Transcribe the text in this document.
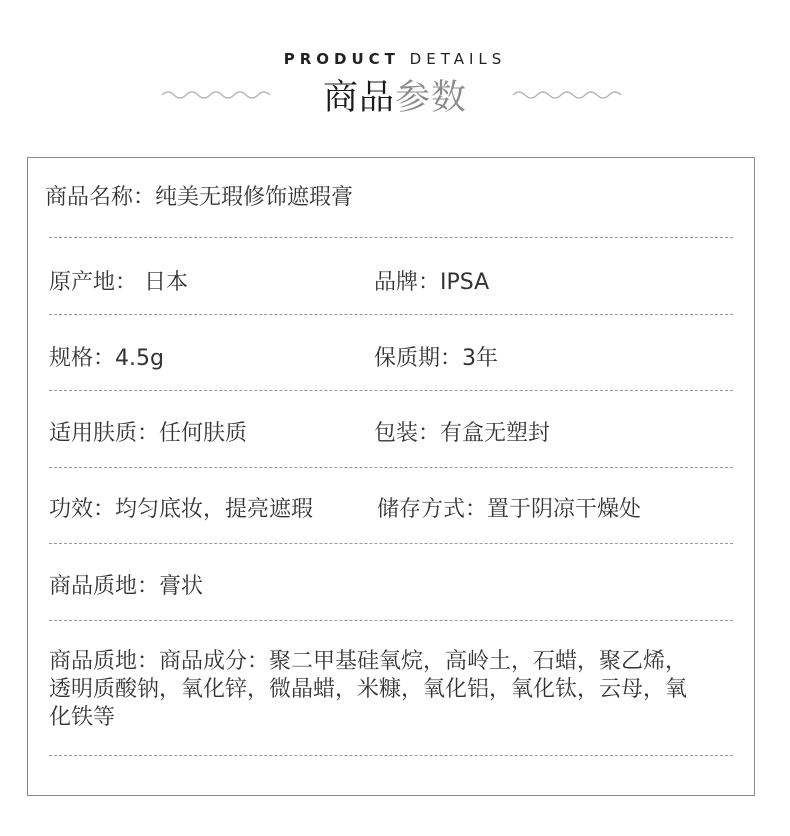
PRODUCT DETAILS
商品参数
商品名称：纯美无瑕修饰遮瑕膏
原产地： 日本	品牌：IPSA
规格：4.5g	保质期：3年
适用肤质：任何肤质	包装：有盒无塑封
功效：均匀底妆，提亮遮瑕	储存方式：置于阴凉干燥处
商品质地：膏状
商品质地：商品成分：聚二甲基硅氧烷，高岭土，石蜡，聚乙烯，透明质酸钠，氧化锌，微晶蜡，米糠，氧化铝，氧化钛，云母，氧化铁等
